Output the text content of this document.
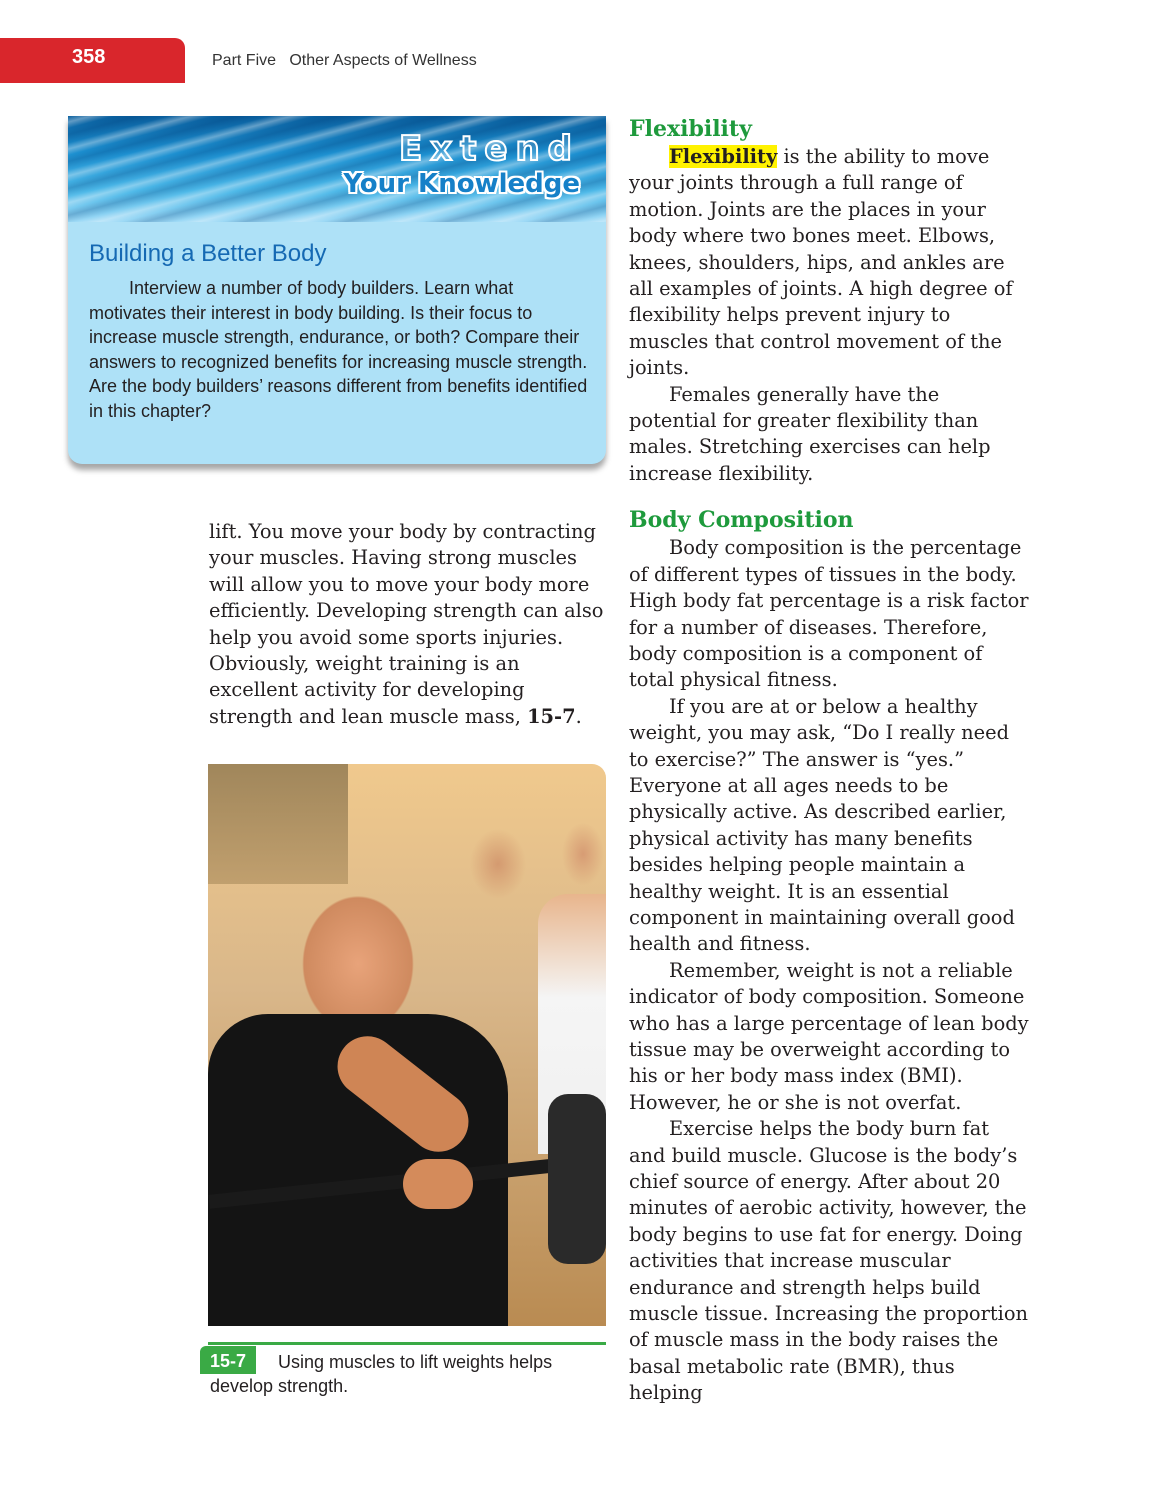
358	Part Five   Other Aspects of Wellness
Extend
Your Knowledge
Building a Better Body

Interview a number of body builders. Learn what motivates their interest in body building. Is their focus to increase muscle strength, endurance, or both? Compare their answers to recognized benefits for increasing muscle strength. Are the body builders’ reasons different from benefits identified in this chapter?

lift. You move your body by contracting your muscles. Having strong muscles will allow you to move your body more efficiently. Developing strength can also help you avoid some sports injuries. Obviously, weight training is an excellent activity for developing strength and lean muscle mass, 15-7.

15-7	Using muscles to lift weights helps develop strength.

Flexibility

Flexibility is the ability to move your joints through a full range of motion. Joints are the places in your body where two bones meet. Elbows, knees, shoulders, hips, and ankles are all examples of joints. A high degree of flexibility helps prevent injury to muscles that control movement of the joints.

Females generally have the potential for greater flexibility than males. Stretching exercises can help increase flexibility.

Body Composition

Body composition is the percentage of different types of tissues in the body. High body fat percentage is a risk factor for a number of diseases. Therefore, body composition is a component of total physical fitness.

If you are at or below a healthy weight, you may ask, “Do I really need to exercise?” The answer is “yes.” Everyone at all ages needs to be physically active. As described earlier, physical activity has many benefits besides helping people maintain a healthy weight. It is an essential component in maintaining overall good health and fitness.

Remember, weight is not a reliable indicator of body composition. Someone who has a large percentage of lean body tissue may be overweight according to his or her body mass index (BMI). However, he or she is not overfat.

Exercise helps the body burn fat and build muscle. Glucose is the body’s chief source of energy. After about 20 minutes of aerobic activity, however, the body begins to use fat for energy. Doing activities that increase muscular endurance and strength helps build muscle tissue. Increasing the proportion of muscle mass in the body raises the basal metabolic rate (BMR), thus helping
